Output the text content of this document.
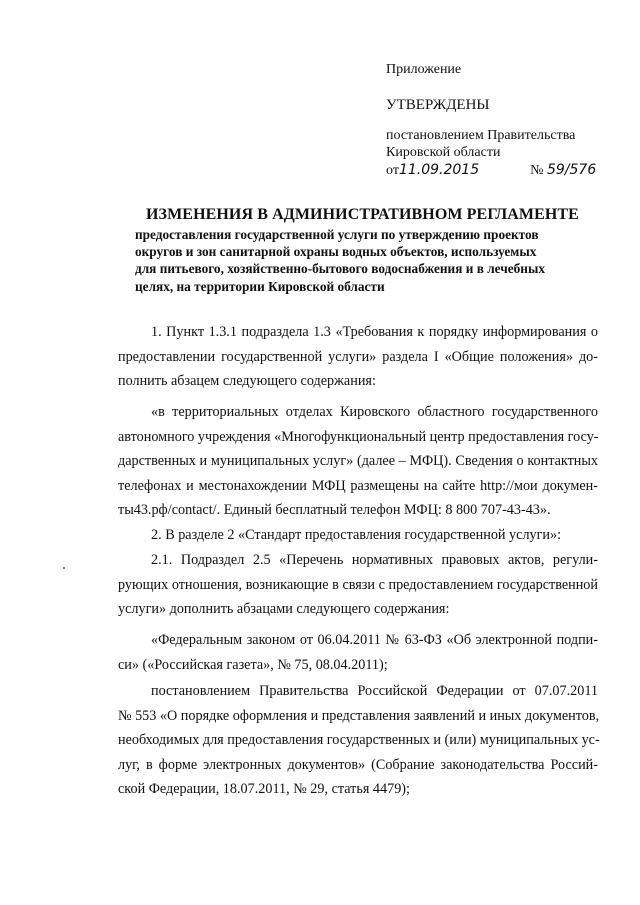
Приложение
УТВЕРЖДЕНЫ
постановлением Правительства
Кировской области
от11.09.2015	№ 59/576
ИЗМЕНЕНИЯ В АДМИНИСТРАТИВНОМ РЕГЛАМЕНТЕ
предоставления государственной услуги по утверждению проектов
округов и зон санитарной охраны водных объектов, используемых
для питьевого, хозяйственно-бытового водоснабжения и в лечебных
целях, на территории Кировской области
1. Пункт 1.3.1 подраздела 1.3 «Требования к порядку информирования о
предоставлении государственной услуги» раздела I «Общие положения» до-
полнить абзацем следующего содержания:
«в территориальных отделах Кировского областного государственного
автономного учреждения «Многофункциональный центр предоставления госу-
дарственных и муниципальных услуг» (далее – МФЦ). Сведения о контактных
телефонах и местонахождении МФЦ размещены на сайте http://мои докумен-
ты43.рф/contact/. Единый бесплатный телефон МФЦ: 8 800 707-43-43».
2. В разделе 2 «Стандарт предоставления государственной услуги»:
2.1. Подраздел 2.5 «Перечень нормативных правовых актов, регули-
рующих отношения, возникающие в связи с предоставлением государственной
услуги» дополнить абзацами следующего содержания:
«Федеральным законом от 06.04.2011 № 63-ФЗ «Об электронной подпи-
си» («Российская газета», № 75, 08.04.2011);
постановлением Правительства Российской Федерации от 07.07.2011
№ 553 «О порядке оформления и представления заявлений и иных документов,
необходимых для предоставления государственных и (или) муниципальных ус-
луг, в форме электронных документов» (Собрание законодательства Россий-
ской Федерации, 18.07.2011, № 29, статья 4479);
